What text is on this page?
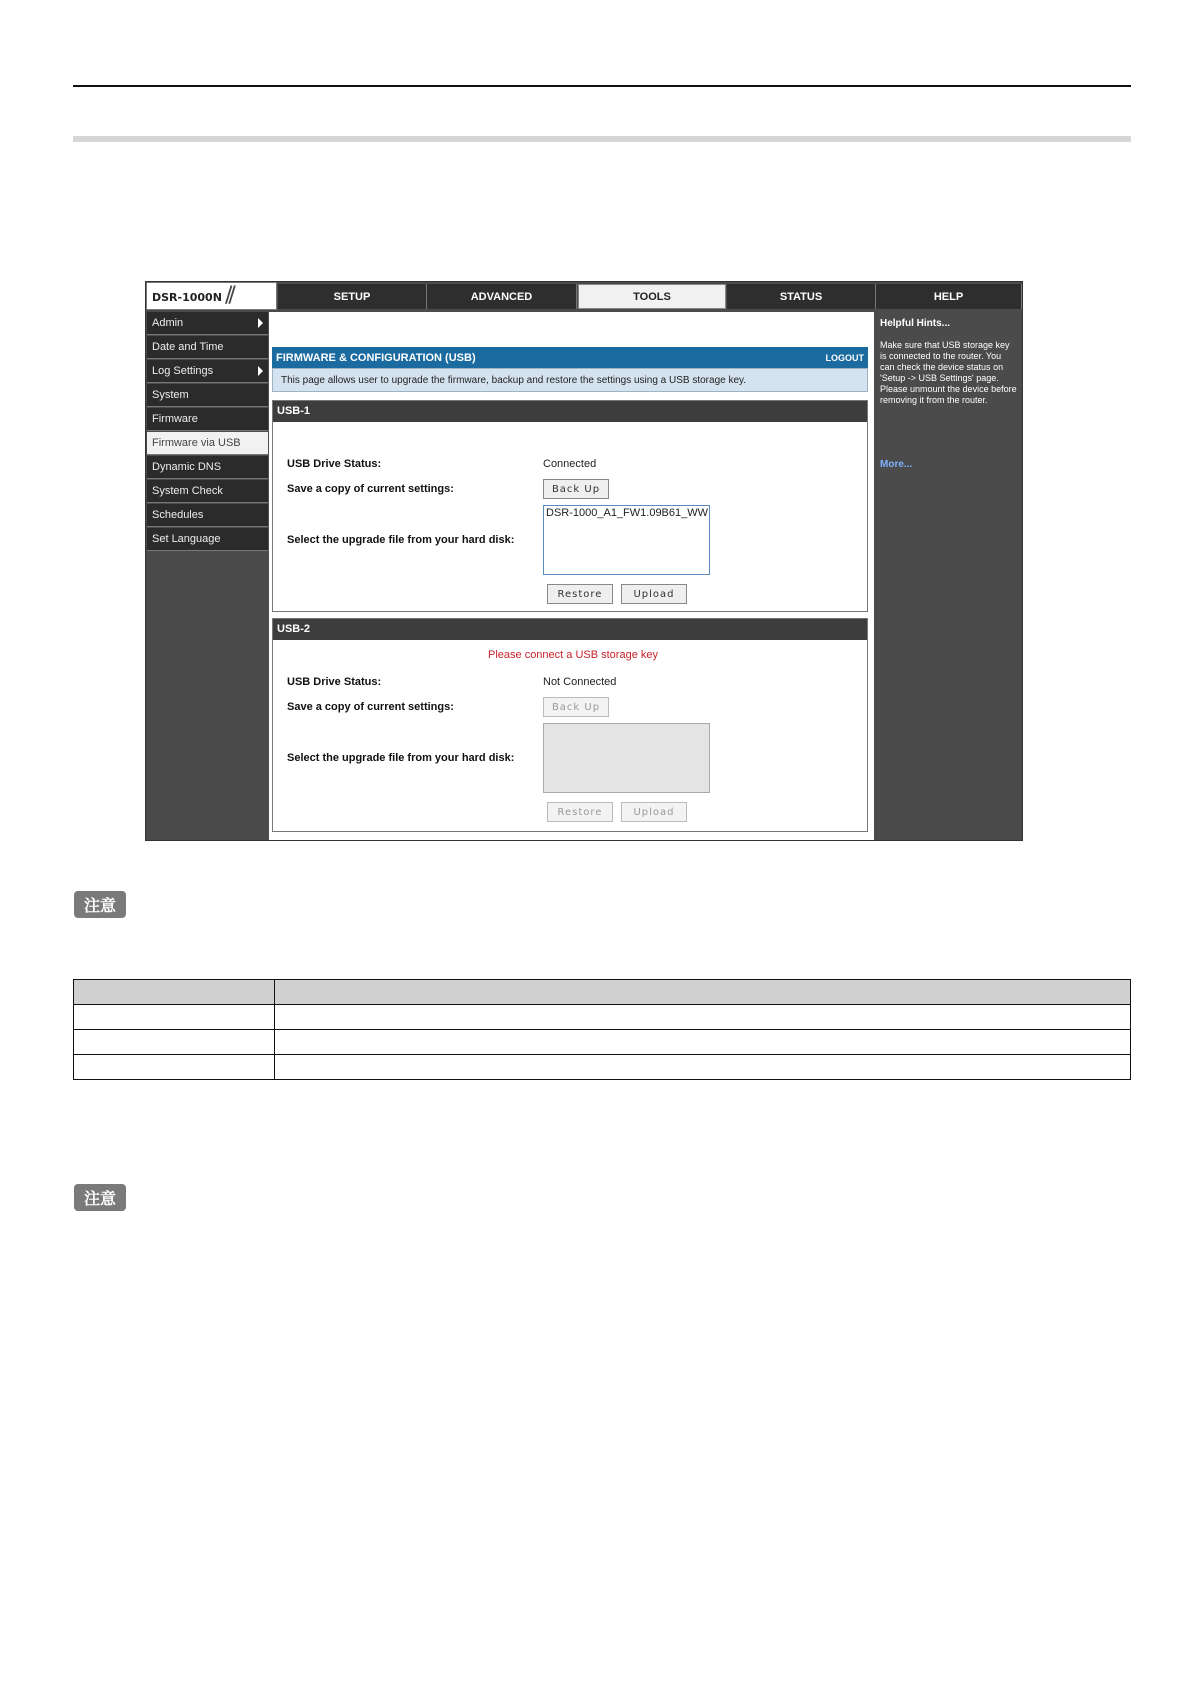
DSR-1000N //	SETUP	ADVANCED	TOOLS	STATUS	HELP
Admin
Date and Time
Log Settings
System
Firmware
Firmware via USB
Dynamic DNS
System Check
Schedules
Set Language
FIRMWARE & CONFIGURATION (USB)	LOGOUT
This page allows user to upgrade the firmware, backup and restore the settings using a USB storage key.
USB-1
USB Drive Status:	Connected
Save a copy of current settings:	Back Up
Select the upgrade file from your hard disk:
DSR-1000_A1_FW1.09B61_WW
Restore	Upload
USB-2
Please connect a USB storage key
USB Drive Status:	Not Connected
Save a copy of current settings:	Back Up
Select the upgrade file from your hard disk:
Restore	Upload
Helpful Hints...
Make sure that USB storage key is connected to the router. You can check the device status on 'Setup -> USB Settings' page. Please unmount the device before removing it from the router.
More...
注意

注意
